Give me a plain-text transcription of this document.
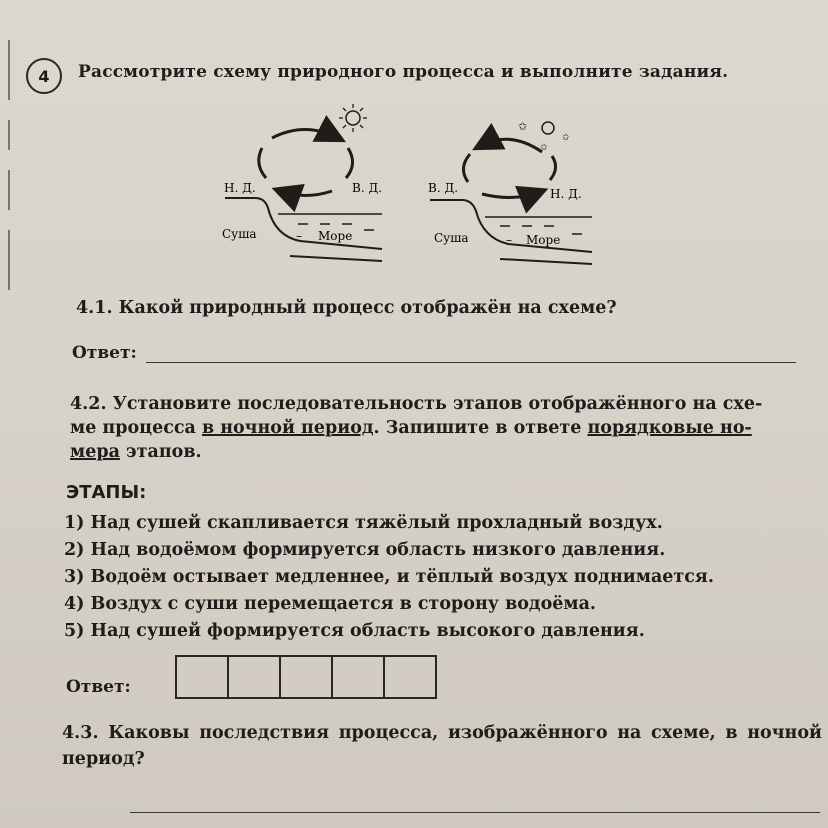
4 Рассмотрите схему природного процесса и выполните задания.
Н. Д.	В. Д.
Суша	– Море
✩
✩
✩
В. Д.	Н. Д.
Суша	– Море
4.1. Какой природный процесс отображён на схеме?
Ответ:
4.2. Установите последовательность этапов отображённого на схе-
ме процесса в ночной период. Запишите в ответе порядковые но-
мера этапов.
ЭТАПЫ:
1) Над сушей скапливается тяжёлый прохладный воздух.
2) Над водоёмом формируется область низкого давления.
3) Водоём остывает медленнее, и тёплый воздух поднимается.
4) Воздух с суши перемещается в сторону водоёма.
5) Над сушей формируется область высокого давления.
Ответ:
4.3. Каковы последствия процесса, изображённого на схеме, в ночной период?
